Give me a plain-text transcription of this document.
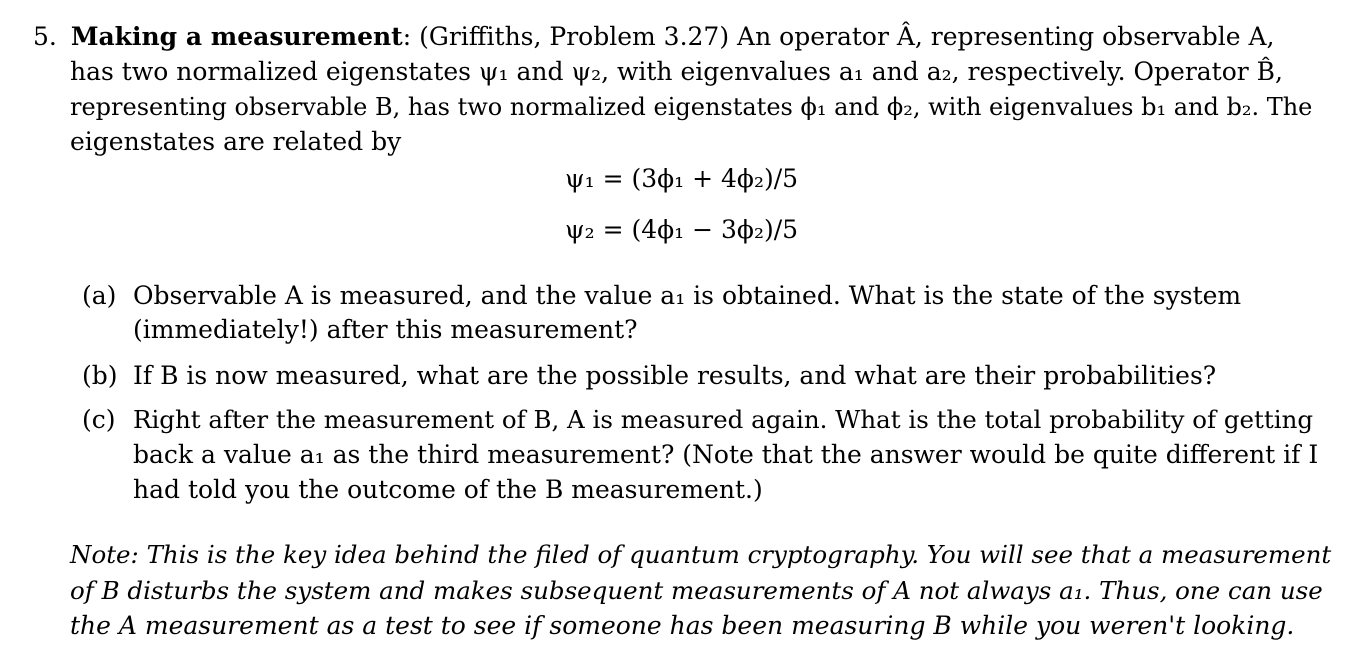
5. Making a measurement: (Griffiths, Problem 3.27) An operator Â, representing observable A,
has two normalized eigenstates ψ₁ and ψ₂, with eigenvalues a₁ and a₂, respectively. Operator B̂,
representing observable B, has two normalized eigenstates ϕ₁ and ϕ₂, with eigenvalues b₁ and b₂. The
eigenstates are related by
ψ₁ = (3ϕ₁ + 4ϕ₂)/5
ψ₂ = (4ϕ₁ − 3ϕ₂)/5
(a) Observable A is measured, and the value a₁ is obtained. What is the state of the system
(immediately!) after this measurement?
(b) If B is now measured, what are the possible results, and what are their probabilities?
(c) Right after the measurement of B, A is measured again. What is the total probability of getting
back a value a₁ as the third measurement? (Note that the answer would be quite different if I
had told you the outcome of the B measurement.)
Note: This is the key idea behind the filed of quantum cryptography. You will see that a measurement
of B disturbs the system and makes subsequent measurements of A not always a₁. Thus, one can use
the A measurement as a test to see if someone has been measuring B while you weren't looking.
